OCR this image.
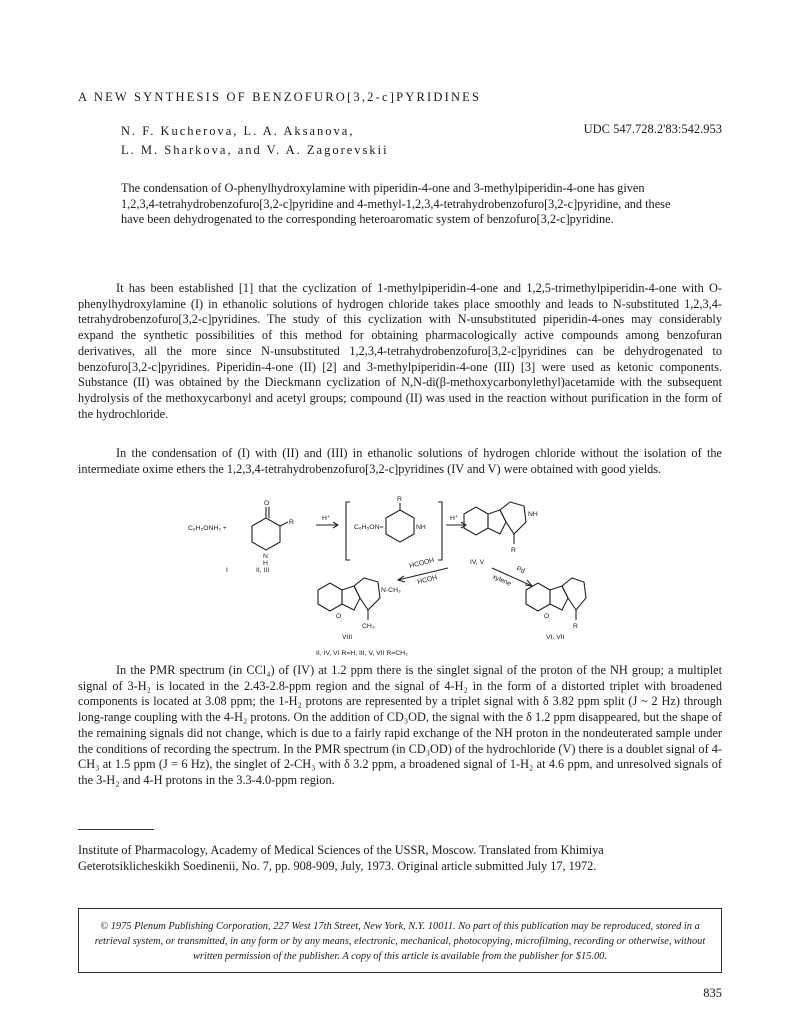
A NEW SYNTHESIS OF BENZOFURO[3,2-c]PYRIDINES
N. F. Kucherova, L. A. Aksanova,
L. M. Sharkova, and V. A. Zagorevskii
UDC 547.728.2'83:542.953
The condensation of O-phenylhydroxylamine with piperidin-4-one and 3-methylpiperidin-4-one has given 1,2,3,4-tetrahydrobenzofuro[3,2-c]pyridine and 4-methyl-1,2,3,4-tetrahydrobenzofuro[3,2-c]pyridine, and these have been dehydrogenated to the corresponding heteroaromatic system of benzofuro[3,2-c]pyridine.

It has been established [1] that the cyclization of 1-methylpiperidin-4-one and 1,2,5-trimethylpiperidin-4-one with O-phenylhydroxylamine (I) in ethanolic solutions of hydrogen chloride takes place smoothly and leads to N-substituted 1,2,3,4-tetrahydrobenzofuro[3,2-c]pyridines. The study of this cyclization with N-unsubstituted piperidin-4-ones may considerably expand the synthetic possibilities of this method for obtaining pharmacologically active compounds among benzofuran derivatives, all the more since N-unsubstituted 1,2,3,4-tetrahydrobenzofuro[3,2-c]pyridines can be dehydrogenated to benzofuro[3,2-c]pyridines. Piperidin-4-one (II) [2] and 3-methylpiperidin-4-one (III) [3] were used as ketonic components. Substance (II) was obtained by the Dieckmann cyclization of N,N-di(β-methoxycarbonylethyl)acetamide with the subsequent hydrolysis of the methoxycarbonyl and acetyl groups; compound (II) was used in the reaction without purification in the form of the hydrochloride.

In the condensation of (I) with (II) and (III) in ethanolic solutions of hydrogen chloride without the isolation of the intermediate oxime ethers the 1,2,3,4-tetrahydrobenzofuro[3,2-c]pyridines (IV and V) were obtained with good yields.

C₆H₅ONH₂ +
O
R
N
H
I	II, III
H⁺
C₆H₅ON=
R
NH
H⁺
NH
R
IV, V
HCOOH
HCOH
Pd
xylene
N-CH₃
CH₃
O
R
O
VIII	VI, VII
II, IV, VI R=H; III, V, VII R=CH₃

In the PMR spectrum (in CCl₄) of (IV) at 1.2 ppm there is the singlet signal of the proton of the NH group; a multiplet signal of 3-H₂ is located in the 2.43-2.8-ppm region and the signal of 4-H₂ in the form of a distorted triplet with broadened components is located at 3.08 ppm; the 1-H₂ protons are represented by a triplet signal with δ 3.82 ppm split (J ~ 2 Hz) through long-range coupling with the 4-H₂ protons. On the addition of CD₃OD, the signal with the δ 1.2 ppm disappeared, but the shape of the remaining signals did not change, which is due to a fairly rapid exchange of the NH proton in the nondeuterated sample under the conditions of recording the spectrum. In the PMR spectrum (in CD₃OD) of the hydrochloride (V) there is a doublet signal of 4-CH₃ at 1.5 ppm (J = 6 Hz), the singlet of 2-CH₃ with δ 3.2 ppm, a broadened signal of 1-H₂ at 4.6 ppm, and unresolved signals of the 3-H₂ and 4-H protons in the 3.3-4.0-ppm region.

Institute of Pharmacology, Academy of Medical Sciences of the USSR, Moscow. Translated from Khimiya Geterotsiklicheskikh Soedinenii, No. 7, pp. 908-909, July, 1973. Original article submitted July 17, 1972.
© 1975 Plenum Publishing Corporation, 227 West 17th Street, New York, N.Y. 10011. No part of this publication may be reproduced, stored in a retrieval system, or transmitted, in any form or by any means, electronic, mechanical, photocopying, microfilming, recording or otherwise, without written permission of the publisher. A copy of this article is available from the publisher for $15.00.
835
